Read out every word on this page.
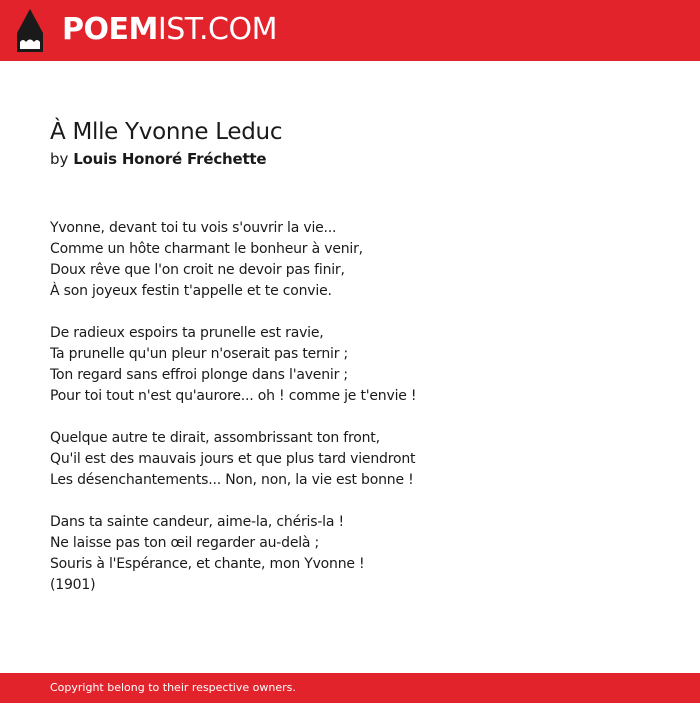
POEMIST.COM
À Mlle Yvonne Leduc
by Louis Honoré Fréchette
Yvonne, devant toi tu vois s'ouvrir la vie...
Comme un hôte charmant le bonheur à venir,
Doux rêve que l'on croit ne devoir pas finir,
À son joyeux festin t'appelle et te convie.
De radieux espoirs ta prunelle est ravie,
Ta prunelle qu'un pleur n'oserait pas ternir ;
Ton regard sans effroi plonge dans l'avenir ;
Pour toi tout n'est qu'aurore... oh ! comme je t'envie !
Quelque autre te dirait, assombrissant ton front,
Qu'il est des mauvais jours et que plus tard viendront
Les désenchantements... Non, non, la vie est bonne !
Dans ta sainte candeur, aime-la, chéris-la !
Ne laisse pas ton œil regarder au-delà ;
Souris à l'Espérance, et chante, mon Yvonne !
(1901)
Copyright belong to their respective owners.
